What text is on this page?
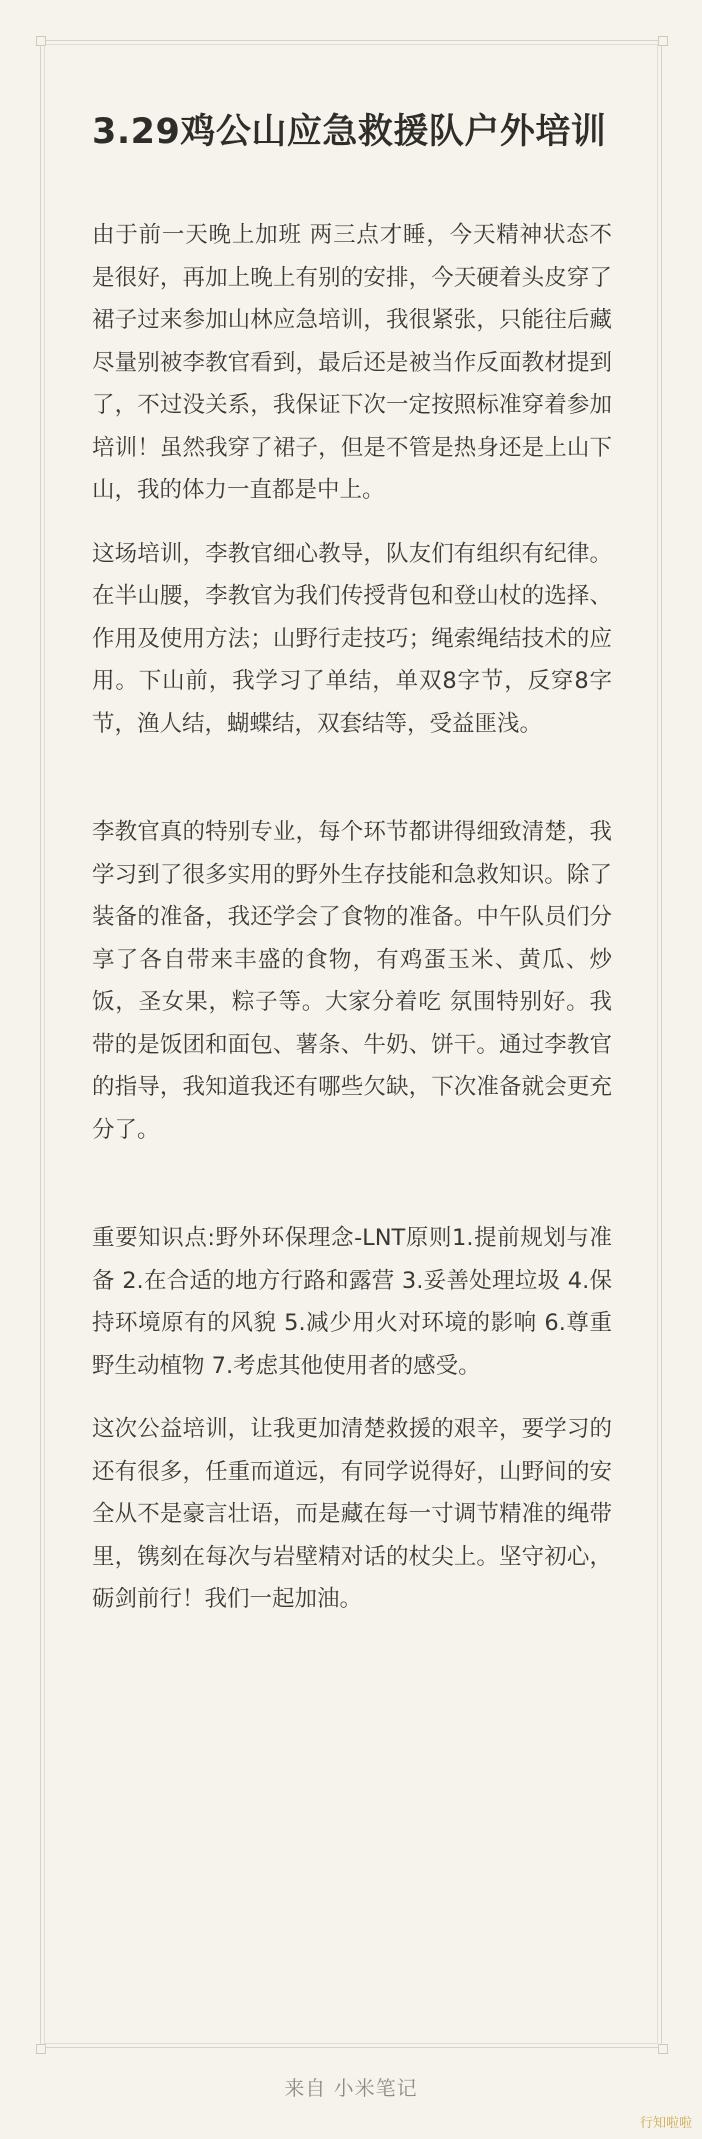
3.29鸡公山应急救援队户外培训

由于前一天晚上加班 两三点才睡，今天精神状态不是很好，再加上晚上有别的安排，今天硬着头皮穿了裙子过来参加山林应急培训，我很紧张，只能往后藏尽量别被李教官看到，最后还是被当作反面教材提到了，不过没关系，我保证下次一定按照标准穿着参加培训！虽然我穿了裙子，但是不管是热身还是上山下山，我的体力一直都是中上。

这场培训，李教官细心教导，队友们有组织有纪律。在半山腰，李教官为我们传授背包和登山杖的选择、作用及使用方法；山野行走技巧；绳索绳结技术的应用。下山前，我学习了单结，单双8字节，反穿8字节，渔人结，蝴蝶结，双套结等，受益匪浅。

李教官真的特别专业，每个环节都讲得细致清楚，我学习到了很多实用的野外生存技能和急救知识。除了装备的准备，我还学会了食物的准备。中午队员们分享了各自带来丰盛的食物，有鸡蛋玉米、黄瓜、炒饭，圣女果，粽子等。大家分着吃 氛围特别好。我带的是饭团和面包、薯条、牛奶、饼干。通过李教官的指导，我知道我还有哪些欠缺，下次准备就会更充分了。

重要知识点:野外环保理念-LNT原则1.提前规划与准备 2.在合适的地方行路和露营 3.妥善处理垃圾 4.保持环境原有的风貌 5.减少用火对环境的影响 6.尊重野生动植物 7.考虑其他使用者的感受。

这次公益培训，让我更加清楚救援的艰辛，要学习的还有很多，任重而道远，有同学说得好，山野间的安全从不是豪言壮语，而是藏在每一寸调节精准的绳带里，镌刻在每次与岩壁精对话的杖尖上。坚守初心，砺剑前行！我们一起加油。

来自 小米笔记
行知啦啦
